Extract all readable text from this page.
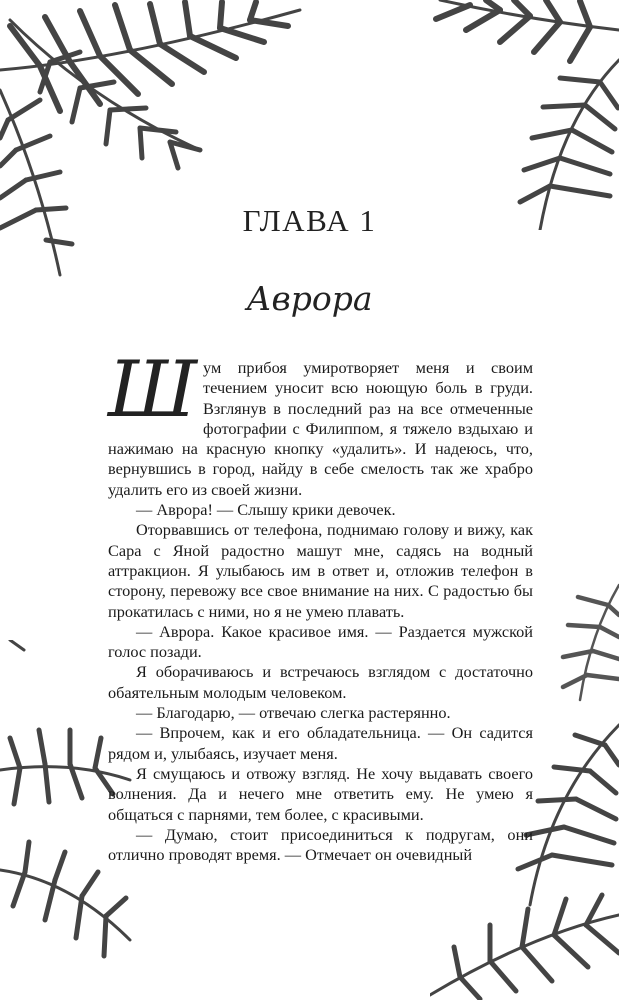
ГЛАВА 1
Аврора

Шум прибоя умиротворяет меня и своим течением уносит всю ноющую боль в груди. Взглянув в последний раз на все отмеченные фотографии с Филиппом, я тяжело вздыхаю и нажимаю на красную кнопку «удалить». И надеюсь, что, вернувшись в город, найду в себе смелость так же храбро удалить его из своей жизни.

— Аврора! — Слышу крики девочек.

Оторвавшись от телефона, поднимаю голову и вижу, как Сара с Яной радостно машут мне, садясь на водный аттракцион. Я улыбаюсь им в ответ и, отложив телефон в сторону, перевожу все свое внимание на них. С радостью бы прокатилась с ними, но я не умею плавать.

— Аврора. Какое красивое имя. — Раздается мужской голос позади.

Я оборачиваюсь и встречаюсь взглядом с достаточно обаятельным молодым человеком.

— Благодарю, — отвечаю слегка растерянно.

— Впрочем, как и его обладательница. — Он садится рядом и, улыбаясь, изучает меня.

Я смущаюсь и отвожу взгляд. Не хочу выдавать своего волнения. Да и нечего мне ответить ему. Не умею я общаться с парнями, тем более, с красивыми.

— Думаю, стоит присоединиться к подругам, они отлично проводят время. — Отмечает он очевидный
